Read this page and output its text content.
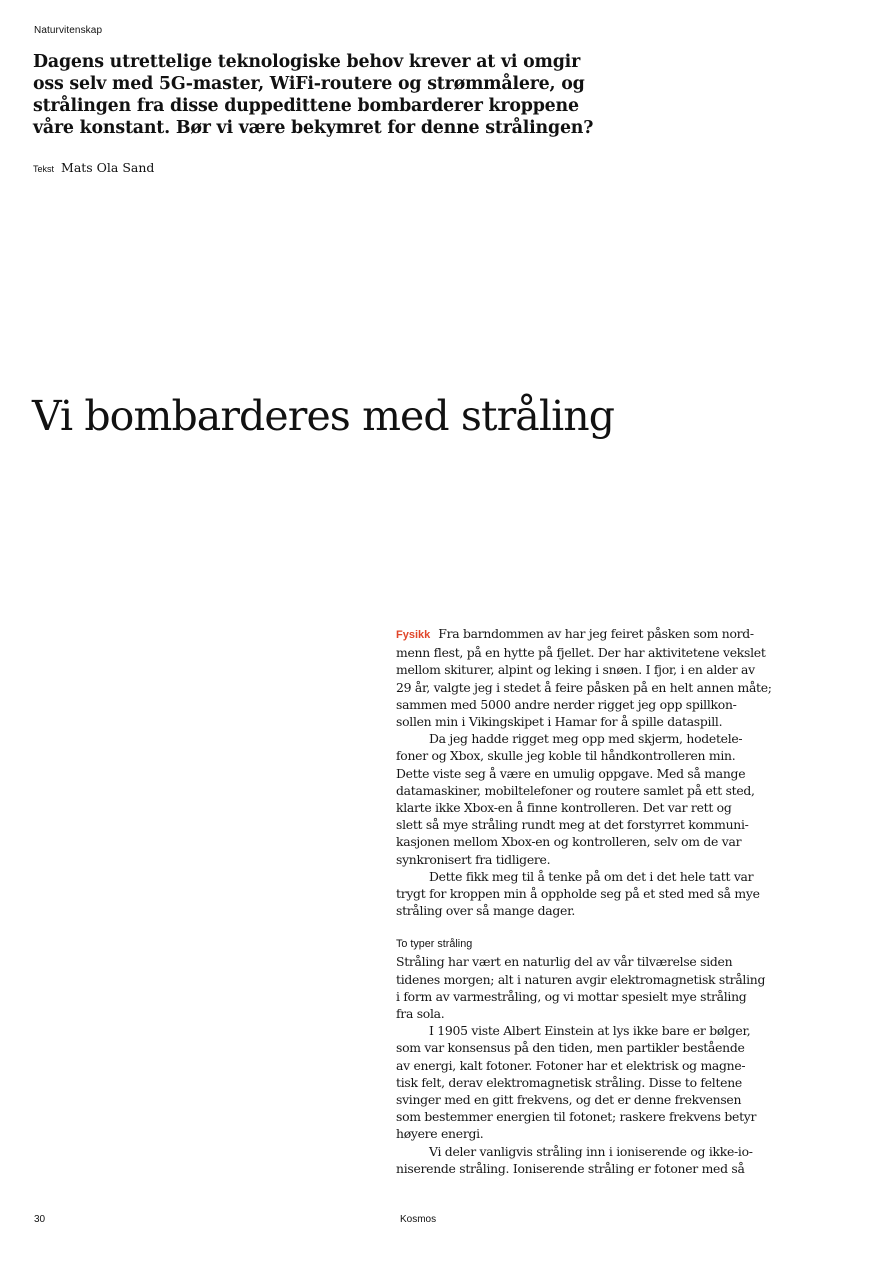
Naturvitenskap
Dagens utrettelige teknologiske behov krever at vi omgir oss selv med 5G-master, WiFi-routere og strømmålere, og strålingen fra disse duppedittene bombarderer kroppene våre konstant. Bør vi være bekymret for denne strålingen?
Tekst Mats Ola Sand
Vi bombarderes med stråling
Fysikk Fra barndommen av har jeg feiret påsken som nord-
menn flest, på en hytte på fjellet. Der har aktivitetene vekslet
mellom skiturer, alpint og leking i snøen. I fjor, i en alder av
29 år, valgte jeg i stedet å feire påsken på en helt annen måte;
sammen med 5000 andre nerder rigget jeg opp spillkon-
sollen min i Vikingskipet i Hamar for å spille dataspill.
Da jeg hadde rigget meg opp med skjerm, hodetele-
foner og Xbox, skulle jeg koble til håndkontrolleren min.
Dette viste seg å være en umulig oppgave. Med så mange
datamaskiner, mobiltelefoner og routere samlet på ett sted,
klarte ikke Xbox-en å finne kontrolleren. Det var rett og
slett så mye stråling rundt meg at det forstyrret kommuni-
kasjonen mellom Xbox-en og kontrolleren, selv om de var
synkronisert fra tidligere.
Dette fikk meg til å tenke på om det i det hele tatt var
trygt for kroppen min å oppholde seg på et sted med så mye
stråling over så mange dager.
To typer stråling
Stråling har vært en naturlig del av vår tilværelse siden
tidenes morgen; alt i naturen avgir elektromagnetisk stråling
i form av varmestråling, og vi mottar spesielt mye stråling
fra sola.
I 1905 viste Albert Einstein at lys ikke bare er bølger,
som var konsensus på den tiden, men partikler bestående
av energi, kalt fotoner. Fotoner har et elektrisk og magne-
tisk felt, derav elektromagnetisk stråling. Disse to feltene
svinger med en gitt frekvens, og det er denne frekvensen
som bestemmer energien til fotonet; raskere frekvens betyr
høyere energi.
Vi deler vanligvis stråling inn i ioniserende og ikke-io-
niserende stråling. Ioniserende stråling er fotoner med så
30	Kosmos
